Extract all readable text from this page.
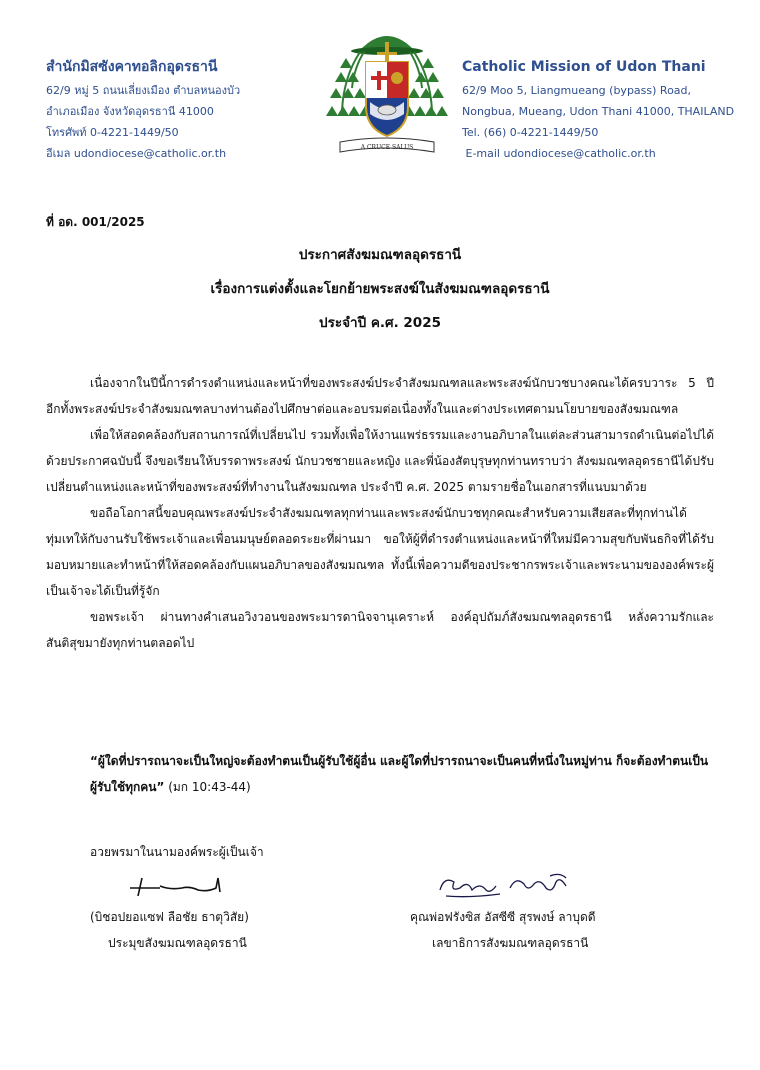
สำนักมิสซังคาทอลิกอุดรธานี
62/9 หมู่ 5 ถนนเลี่ยงเมือง ตำบลหนองบัว
อำเภอเมือง จังหวัดอุดรธานี 41000
โทรศัพท์ 0-4221-1449/50
อีเมล udondiocese@catholic.or.th	A CRUCE SALUS
Catholic Mission of Udon Thani
62/9 Moo 5, Liangmueang (bypass) Road,
Nongbua, Mueang, Udon Thani 41000, THAILAND
Tel. (66) 0-4221-1449/50
E-mail udondiocese@catholic.or.th
ที่ อด. 001/2025
ประกาศสังฆมณฑลอุดรธานี
เรื่องการแต่งตั้งและโยกย้ายพระสงฆ์ในสังฆมณฑลอุดรธานี
ประจำปี ค.ศ. 2025

เนื่องจากในปีนี้การดำรงตำแหน่งและหน้าที่ของพระสงฆ์ประจำสังฆมณฑลและพระสงฆ์นักบวชบางคณะได้ครบวาระ 5 ปี อีกทั้งพระสงฆ์ประจำสังฆมณฑลบางท่านต้องไปศึกษาต่อและอบรมต่อเนื่องทั้งในและต่างประเทศตามนโยบายของสังฆมณฑล

เพื่อให้สอดคล้องกับสถานการณ์ที่เปลี่ยนไป รวมทั้งเพื่อให้งานแพร่ธรรมและงานอภิบาลในแต่ละส่วนสามารถดำเนินต่อไปได้ ด้วยประกาศฉบับนี้ จึงขอเรียนให้บรรดาพระสงฆ์ นักบวชชายและหญิง และพี่น้องสัตบุรุษทุกท่านทราบว่า สังฆมณฑลอุดรธานีได้ปรับเปลี่ยนตำแหน่งและหน้าที่ของพระสงฆ์ที่ทำงานในสังฆมณฑล ประจำปี ค.ศ. 2025 ตามรายชื่อในเอกสารที่แนบมาด้วย

ขอถือโอกาสนี้ขอบคุณพระสงฆ์ประจำสังฆมณฑลทุกท่านและพระสงฆ์นักบวชทุกคณะสำหรับความเสียสละที่ทุกท่านได้ทุ่มเทให้กับงานรับใช้พระเจ้าและเพื่อนมนุษย์ตลอดระยะที่ผ่านมา ขอให้ผู้ที่ดำรงตำแหน่งและหน้าที่ใหม่มีความสุขกับพันธกิจที่ได้รับมอบหมายและทำหน้าที่ให้สอดคล้องกับแผนอภิบาลของสังฆมณฑล ทั้งนี้เพื่อความดีของประชากรพระเจ้าและพระนามขององค์พระผู้เป็นเจ้าจะได้เป็นที่รู้จัก

ขอพระเจ้า ผ่านทางคำเสนอวิงวอนของพระมารดานิจจานุเคราะห์ องค์อุปถัมภ์สังฆมณฑลอุดรธานี หลั่งความรักและสันติสุขมายังทุกท่านตลอดไป

“ผู้ใดที่ปรารถนาจะเป็นใหญ่จะต้องทำตนเป็นผู้รับใช้ผู้อื่น และผู้ใดที่ปรารถนาจะเป็นคนที่หนึ่งในหมู่ท่าน ก็จะต้องทำตนเป็นผู้รับใช้ทุกคน” (มก 10:43-44)
อวยพรมาในนามองค์พระผู้เป็นเจ้า
(บิชอปยอแซฟ ลือชัย ธาตุวิสัย)
ประมุขสังฆมณฑลอุดรธานี
คุณพ่อฟรังซิส อัสซีซี สุรพงษ์ ลาบุดดี
เลขาธิการสังฆมณฑลอุดรธานี
